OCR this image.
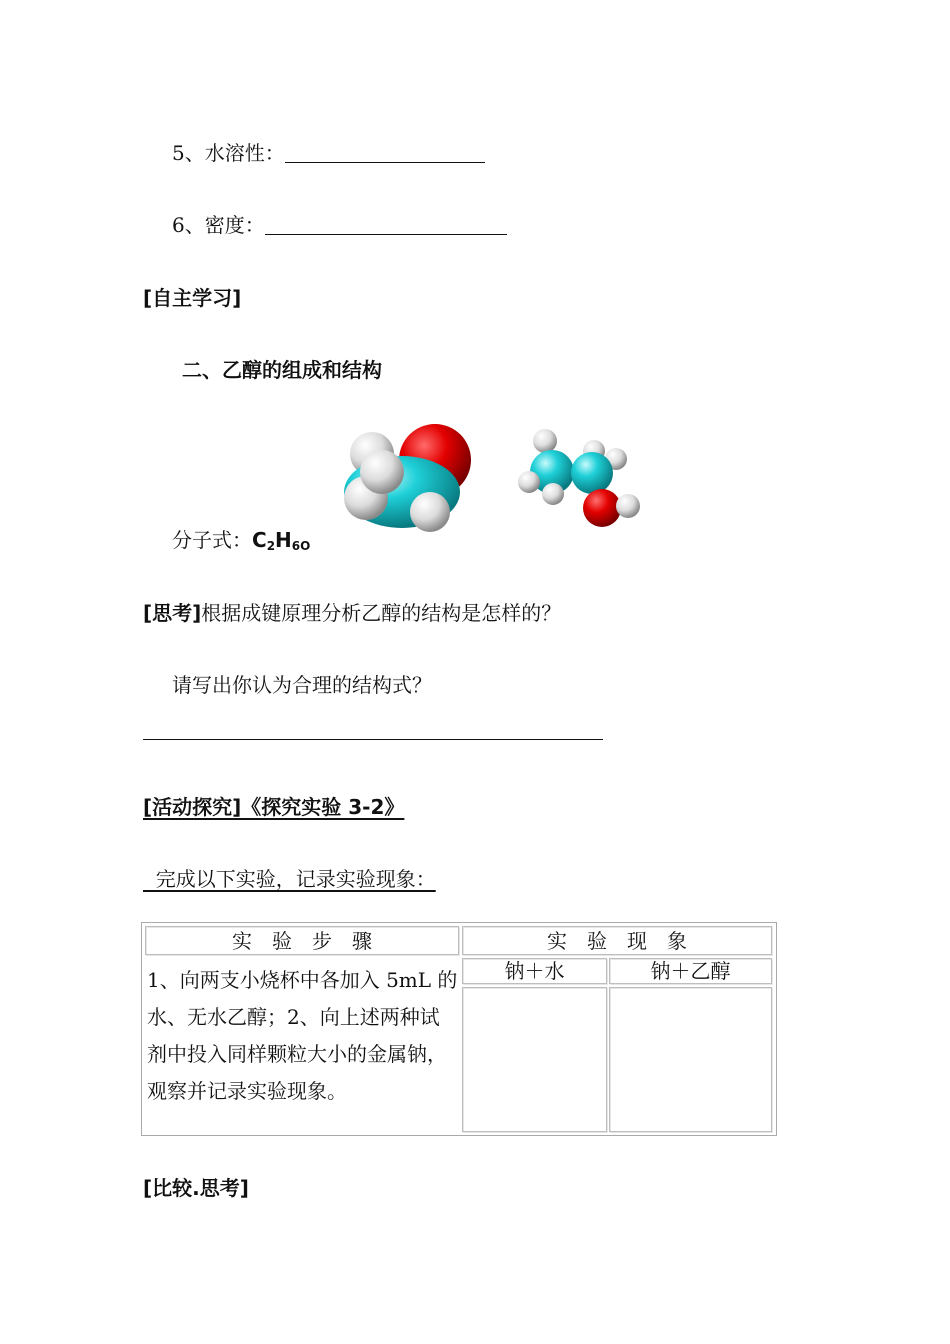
5、水溶性：
6、密度：
[自主学习]
二、乙醇的组成和结构
分子式：$C_2H_{6O}$
[思考]根据成键原理分析乙醇的结构是怎样的？
请写出你认为合理的结构式？
[活动探究]《探究实验 3-2》
完成以下实验，记录实验现象：
实　验　步　骤	实　验　现　象
1、向两支小烧杯中各加入 5mL 的水、无水乙醇；2、向上述两种试剂中投入同样颗粒大小的金属钠，观察并记录实验现象。
钠＋水	钠＋乙醇
[比较.思考]
